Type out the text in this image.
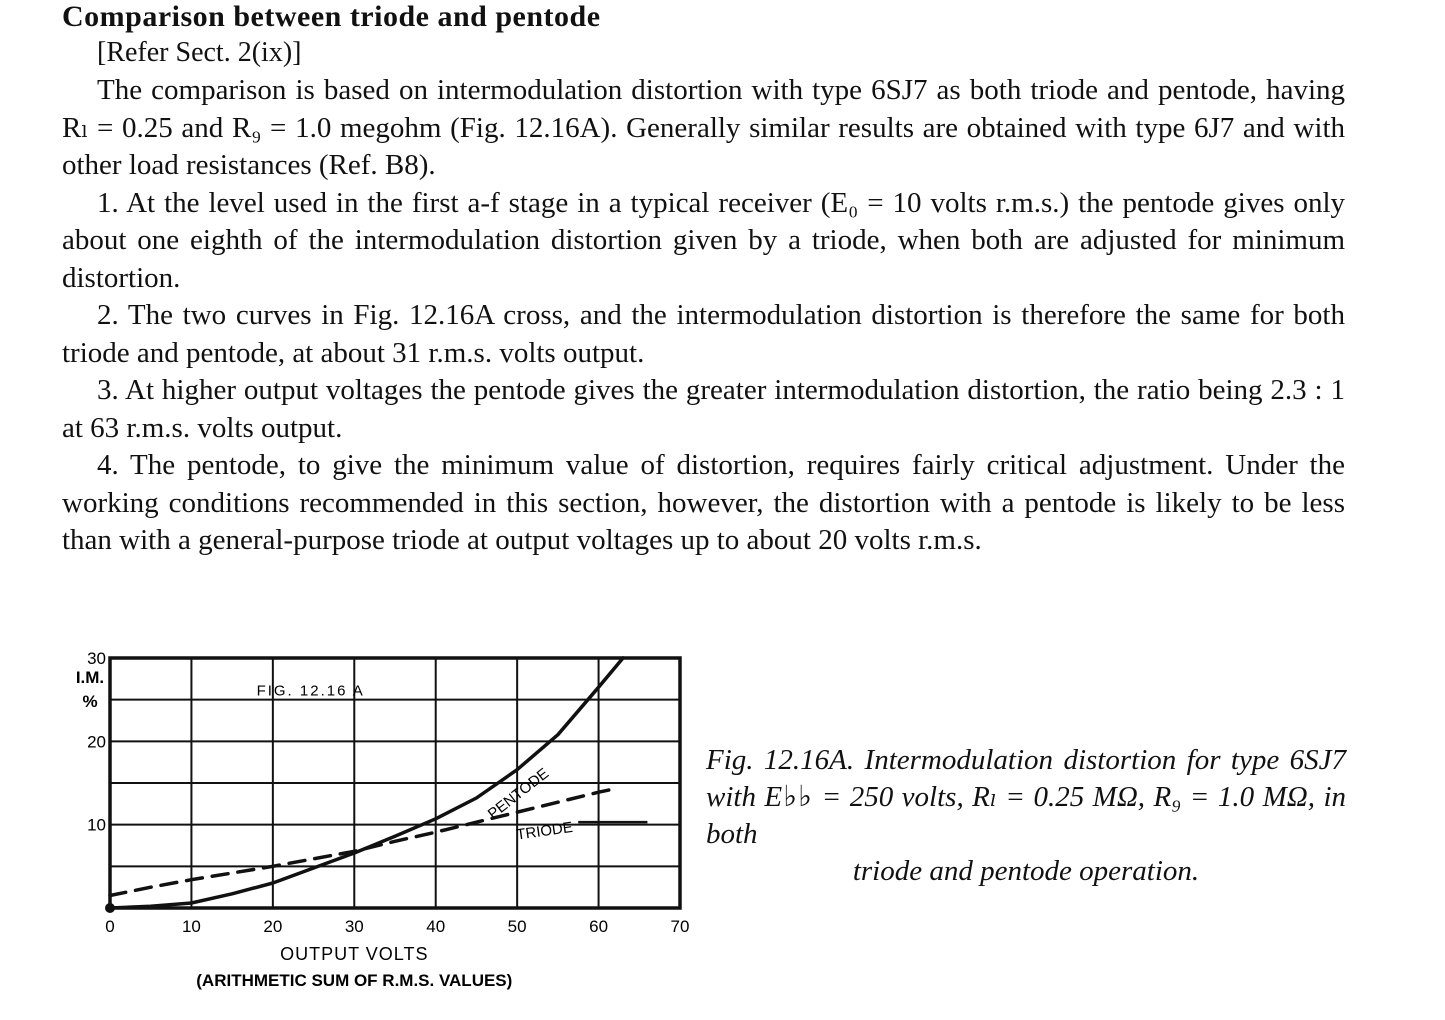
Comparison between triode and pentode
[Refer Sect. 2(ix)]

The comparison is based on intermodulation distortion with type 6SJ7 as both triode and pentode, having Rₗ = 0.25 and R₉ = 1.0 megohm (Fig. 12.16A). Generally similar results are obtained with type 6J7 and with other load resistances (Ref. B8).

1. At the level used in the first a-f stage in a typical receiver (E₀ = 10 volts r.m.s.) the pentode gives only about one eighth of the intermodulation distortion given by a triode, when both are adjusted for minimum distortion.

2. The two curves in Fig. 12.16A cross, and the intermodulation distortion is therefore the same for both triode and pentode, at about 31 r.m.s. volts output.

3. At higher output voltages the pentode gives the greater intermodulation distortion, the ratio being 2.3 : 1 at 63 r.m.s. volts output.

4. The pentode, to give the minimum value of distortion, requires fairly critical adjustment. Under the working conditions recommended in this section, however, the distortion with a pentode is likely to be less than with a general-purpose triode at output voltages up to about 20 volts r.m.s.

0	10	20	30	40	50	60	70
10
20
30
I.M.
%
FIG. 12.16 A
OUTPUT VOLTS
(ARITHMETIC SUM OF R.M.S. VALUES)
PENTODE
TRIODE
Fig. 12.16A. Intermodulation distortion for type 6SJ7 with E♭♭ = 250 volts, Rₗ = 0.25 MΩ, R₉ = 1.0 MΩ, in both
triode and pentode operation.
